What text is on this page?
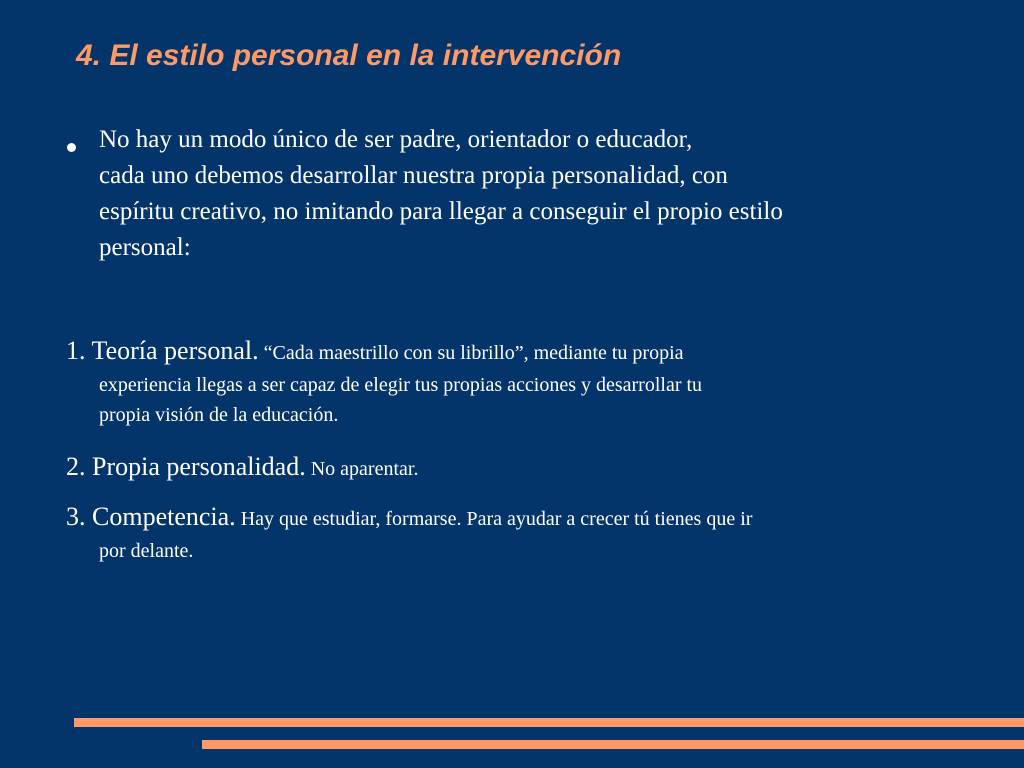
4. El estilo personal en la intervención
No hay un modo único de ser padre, orientador o educador,
cada uno debemos desarrollar nuestra propia personalidad, con
espíritu creativo, no imitando para llegar a conseguir el propio estilo
personal:
1. Teoría personal. “Cada maestrillo con su librillo”, mediante tu propia
experiencia llegas a ser capaz de elegir tus propias acciones y desarrollar tu
propia visión de la educación.
2. Propia personalidad. No aparentar.
3. Competencia. Hay que estudiar, formarse. Para ayudar a crecer tú tienes que ir
por delante.
